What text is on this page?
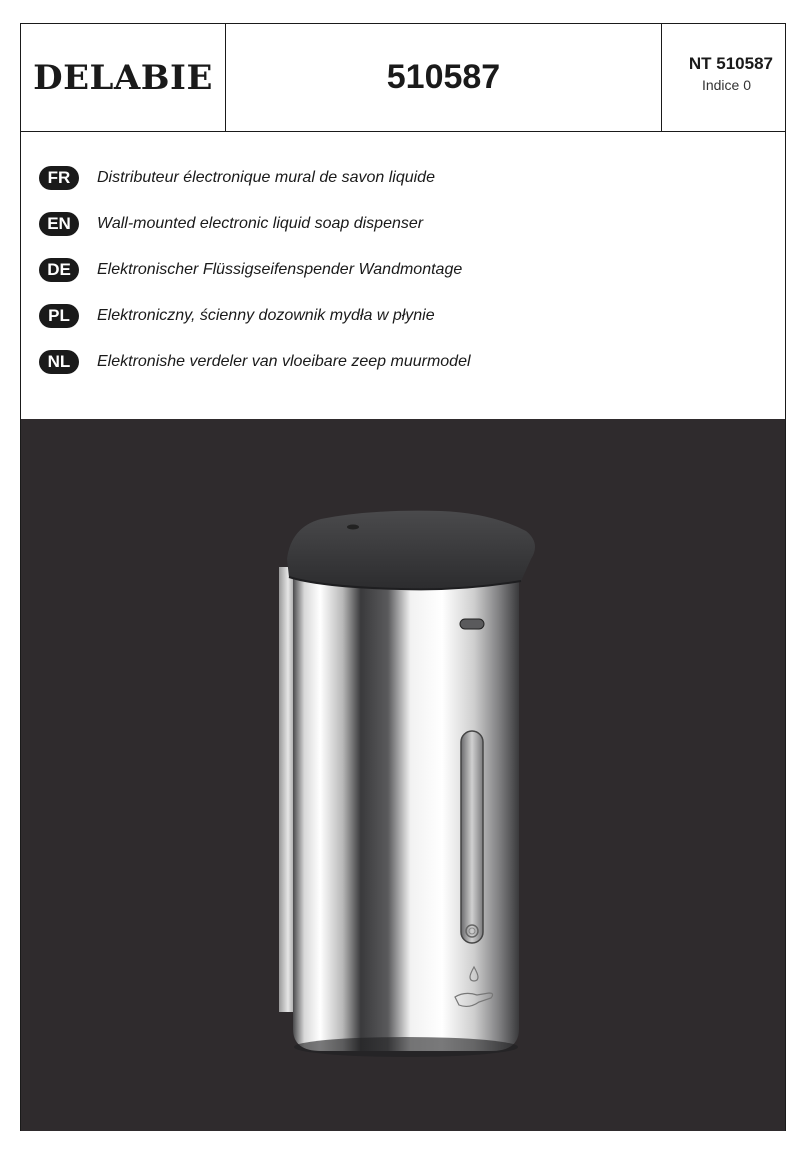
DELABIE	510587	NT 510587
Indice 0
FR	Distributeur électronique mural de savon liquide
EN	Wall-mounted electronic liquid soap dispenser
DE	Elektronischer Flüssigseifenspender Wandmontage
PL	Elektroniczny, ścienny dozownik mydła w płynie
NL	Elektronishe verdeler van vloeibare zeep muurmodel
